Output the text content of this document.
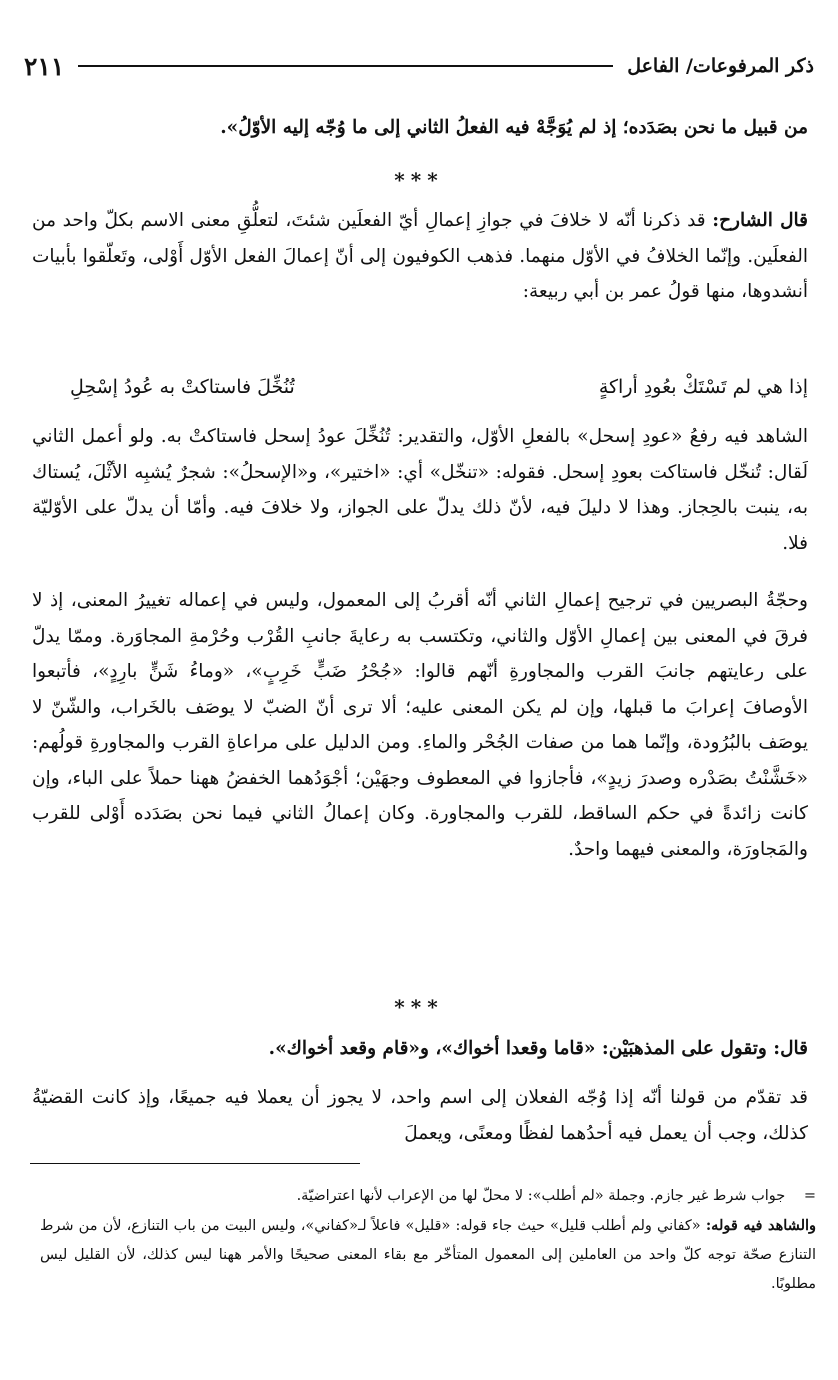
ذكر المرفوعات/ الفاعل
٢١١

من قبيل ما نحن بصَدَده؛ إذ لم يُوَجَّهْ فيه الفعلُ الثاني إلى ما وُجّه إليه الأوّلُ».

***

قال الشارح: قد ذكرنا أنّه لا خلافَ في جوازِ إعمالِ أيّ الفعلَين شئتَ، لتعلُّقِ معنى الاسم بكلّ واحد من الفعلَين. وإنّما الخلافُ في الأوّل منهما. فذهب الكوفيون إلى أنّ إعمالَ الفعل الأوّل أَوْلى، وتَعلّقوا بأبيات أنشدوها، منها قولُ عمر بن أبي ربيعة:

إذا هي لم تَسْتَكْ بعُودِ أراكةٍ
تُنُخِّلَ فاستاكتْ به عُودُ إسْحِلِ

الشاهد فيه رفعُ «عودِ إسحل» بالفعلِ الأوّل، والتقدير: تُنُخِّلَ عودُ إسحل فاستاكتْ به. ولو أعمل الثاني لَقال: تُنخّل فاستاكت بعودِ إسحل. فقوله: «تنخّل» أي: «اختير»، و«الإسحلُ»: شجرٌ يُشبِه الأثْلَ، يُستاك به، ينبت بالحِجاز. وهذا لا دليلَ فيه، لأنّ ذلك يدلّ على الجواز، ولا خلافَ فيه. وأمّا أن يدلّ على الأوّليّة فلا.

وحجّةُ البصريين في ترجيح إعمالِ الثاني أنّه أقربُ إلى المعمول، وليس في إعماله تغييرُ المعنى، إذ لا فرقَ في المعنى بين إعمالِ الأوّل والثاني، وتكتسب به رعايةَ جانبِ القُرْب وحُرْمةِ المجاوَرة. وممّا يدلّ على رعايتهم جانبَ القرب والمجاورةِ أنّهم قالوا: «جُحْرُ ضَبٍّ خَرِبٍ»، «وماءُ شَنٍّ بارِدٍ»، فأتبعوا الأوصافَ إعرابَ ما قبلها، وإن لم يكن المعنى عليه؛ ألا ترى أنّ الضبّ لا يوصَف بالخَراب، والشّنّ لا يوصَف بالبُرُودة، وإنّما هما من صفات الجُحْر والماءِ. ومن الدليل على مراعاةِ القرب والمجاورةِ قولُهم: «خَشَّنْتُ بصَدْره وصدرَ زيدٍ»، فأجازوا في المعطوف وجهَيْن؛ أجْوَدُهما الخفضُ ههنا حملاً على الباء، وإن كانت زائدةً في حكم الساقط، للقرب والمجاورة. وكان إعمالُ الثاني فيما نحن بصَدَده أَوْلى للقرب والمَجاورَة، والمعنى فيهما واحدٌ.

***

قال: وتقول على المذهبَيْن: «قاما وقعدا أخواك»، و«قام وقعد أخواك».

قد تقدّم من قولنا أنّه إذا وُجّه الفعلان إلى اسم واحد، لا يجوز أن يعملا فيه جميعًا، وإذ كانت القضيّةُ كذلك، وجب أن يعمل فيه أحدُهما لفظًا ومعنًى، ويعملَ

= جواب شرط غير جازم. وجملة «لم أطلب»: لا محلّ لها من الإعراب لأنها اعتراضيّة.

والشاهد فيه قوله: «كفاني ولم أطلب قليل» حيث جاء قوله: «قليل» فاعلاً لـ«كفاني»، وليس البيت من باب التنازع، لأن من شرط التنازع صحّة توجه كلّ واحد من العاملين إلى المعمول المتأخّر مع بقاء المعنى صحيحًا والأمر ههنا ليس كذلك، لأن القليل ليس مطلوبًا.
